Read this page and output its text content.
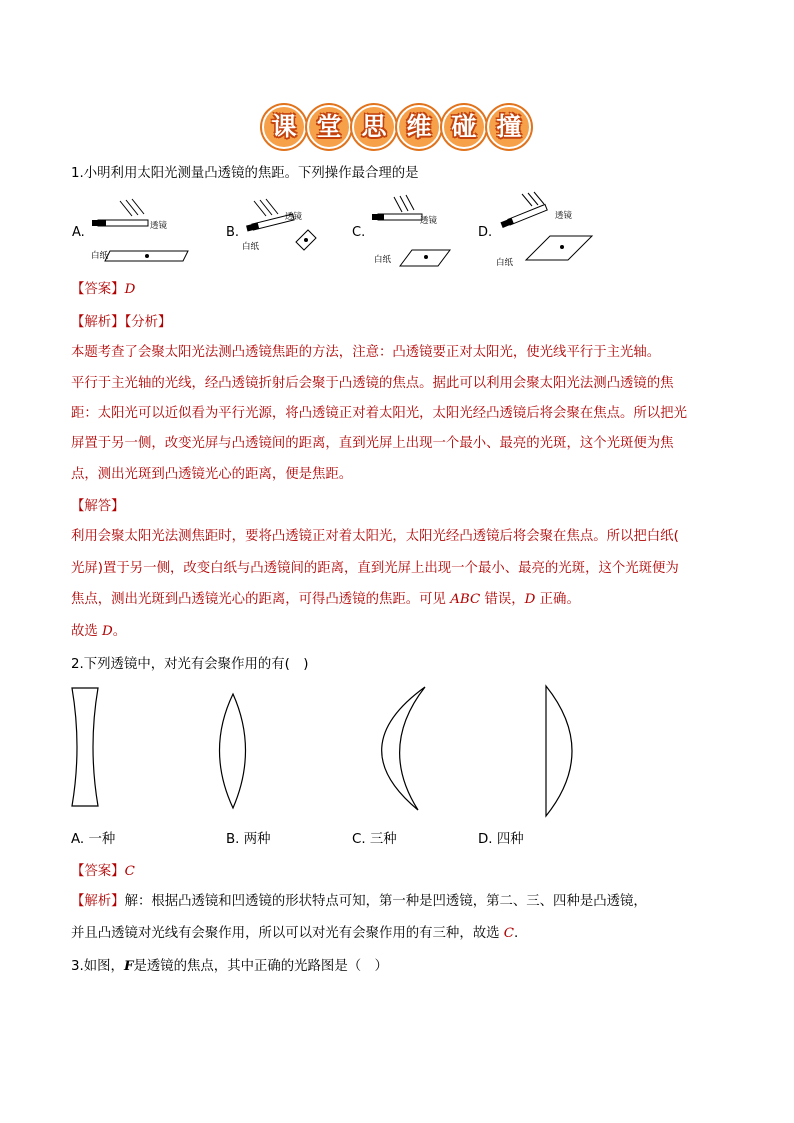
课 堂 思 维 碰 撞
1.小明利用太阳光测量凸透镜的焦距。下列操作最合理的是
A.	透镜
白纸
B.
透镜
白纸
C.
透镜
白纸
D.
透镜
白纸
【答案】D
【解析】【分析】
本题考查了会聚太阳光法测凸透镜焦距的方法，注意：凸透镜要正对太阳光，使光线平行于主光轴。
平行于主光轴的光线，经凸透镜折射后会聚于凸透镜的焦点。据此可以利用会聚太阳光法测凸透镜的焦
距：太阳光可以近似看为平行光源，将凸透镜正对着太阳光，太阳光经凸透镜后将会聚在焦点。所以把光
屏置于另一侧，改变光屏与凸透镜间的距离，直到光屏上出现一个最小、最亮的光斑，这个光斑便为焦
点，测出光斑到凸透镜光心的距离，便是焦距。
【解答】
利用会聚太阳光法测焦距时，要将凸透镜正对着太阳光，太阳光经凸透镜后将会聚在焦点。所以把白纸(
光屏)置于另一侧，改变白纸与凸透镜间的距离，直到光屏上出现一个最小、最亮的光斑，这个光斑便为
焦点，测出光斑到凸透镜光心的距离，可得凸透镜的焦距。可见 ABC 错误，D 正确。
故选 D。
2.下列透镜中，对光有会聚作用的有(　)
A. 一种	B. 两种	C. 三种	D. 四种
【答案】C
【解析】解：根据凸透镜和凹透镜的形状特点可知，第一种是凹透镜，第二、三、四种是凸透镜，
并且凸透镜对光线有会聚作用，所以可以对光有会聚作用的有三种，故选 C.
3.如图，F是透镜的焦点，其中正确的光路图是（　）
